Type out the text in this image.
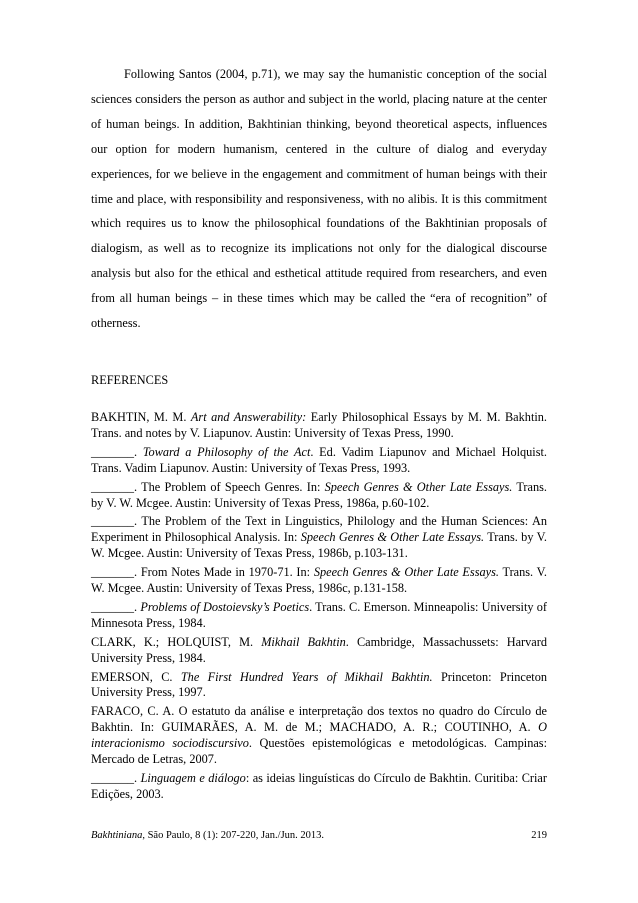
Following Santos (2004, p.71), we may say the humanistic conception of the social sciences considers the person as author and subject in the world, placing nature at the center of human beings. In addition, Bakhtinian thinking, beyond theoretical aspects, influences our option for modern humanism, centered in the culture of dialog and everyday experiences, for we believe in the engagement and commitment of human beings with their time and place, with responsibility and responsiveness, with no alibis. It is this commitment which requires us to know the philosophical foundations of the Bakhtinian proposals of dialogism, as well as to recognize its implications not only for the dialogical discourse analysis but also for the ethical and esthetical attitude required from researchers, and even from all human beings – in these times which may be called the “era of recognition” of otherness.

REFERENCES

BAKHTIN, M. M. Art and Answerability: Early Philosophical Essays by M. M. Bakhtin. Trans. and notes by V. Liapunov. Austin: University of Texas Press, 1990.

_______. Toward a Philosophy of the Act. Ed. Vadim Liapunov and Michael Holquist. Trans. Vadim Liapunov. Austin: University of Texas Press, 1993.

_______. The Problem of Speech Genres. In: Speech Genres & Other Late Essays. Trans. by V. W. Mcgee. Austin: University of Texas Press, 1986a, p.60-102.

_______. The Problem of the Text in Linguistics, Philology and the Human Sciences: An Experiment in Philosophical Analysis. In: Speech Genres & Other Late Essays. Trans. by V. W. Mcgee. Austin: University of Texas Press, 1986b, p.103-131.

_______. From Notes Made in 1970-71. In: Speech Genres & Other Late Essays. Trans. V. W. Mcgee. Austin: University of Texas Press, 1986c, p.131-158.

_______. Problems of Dostoievsky’s Poetics. Trans. C. Emerson. Minneapolis: University of Minnesota Press, 1984.

CLARK, K.; HOLQUIST, M. Mikhail Bakhtin. Cambridge, Massachussets: Harvard University Press, 1984.

EMERSON, C. The First Hundred Years of Mikhail Bakhtin. Princeton: Princeton University Press, 1997.

FARACO, C. A. O estatuto da análise e interpretação dos textos no quadro do Círculo de Bakhtin. In: GUIMARÃES, A. M. de M.; MACHADO, A. R.; COUTINHO, A. O interacionismo sociodiscursivo. Questões epistemológicas e metodológicas. Campinas: Mercado de Letras, 2007.

_______. Linguagem e diálogo: as ideias linguísticas do Círculo de Bakhtin. Curitiba: Criar Edições, 2003.

Bakhtiniana, São Paulo, 8 (1): 207-220, Jan./Jun. 2013.	219
